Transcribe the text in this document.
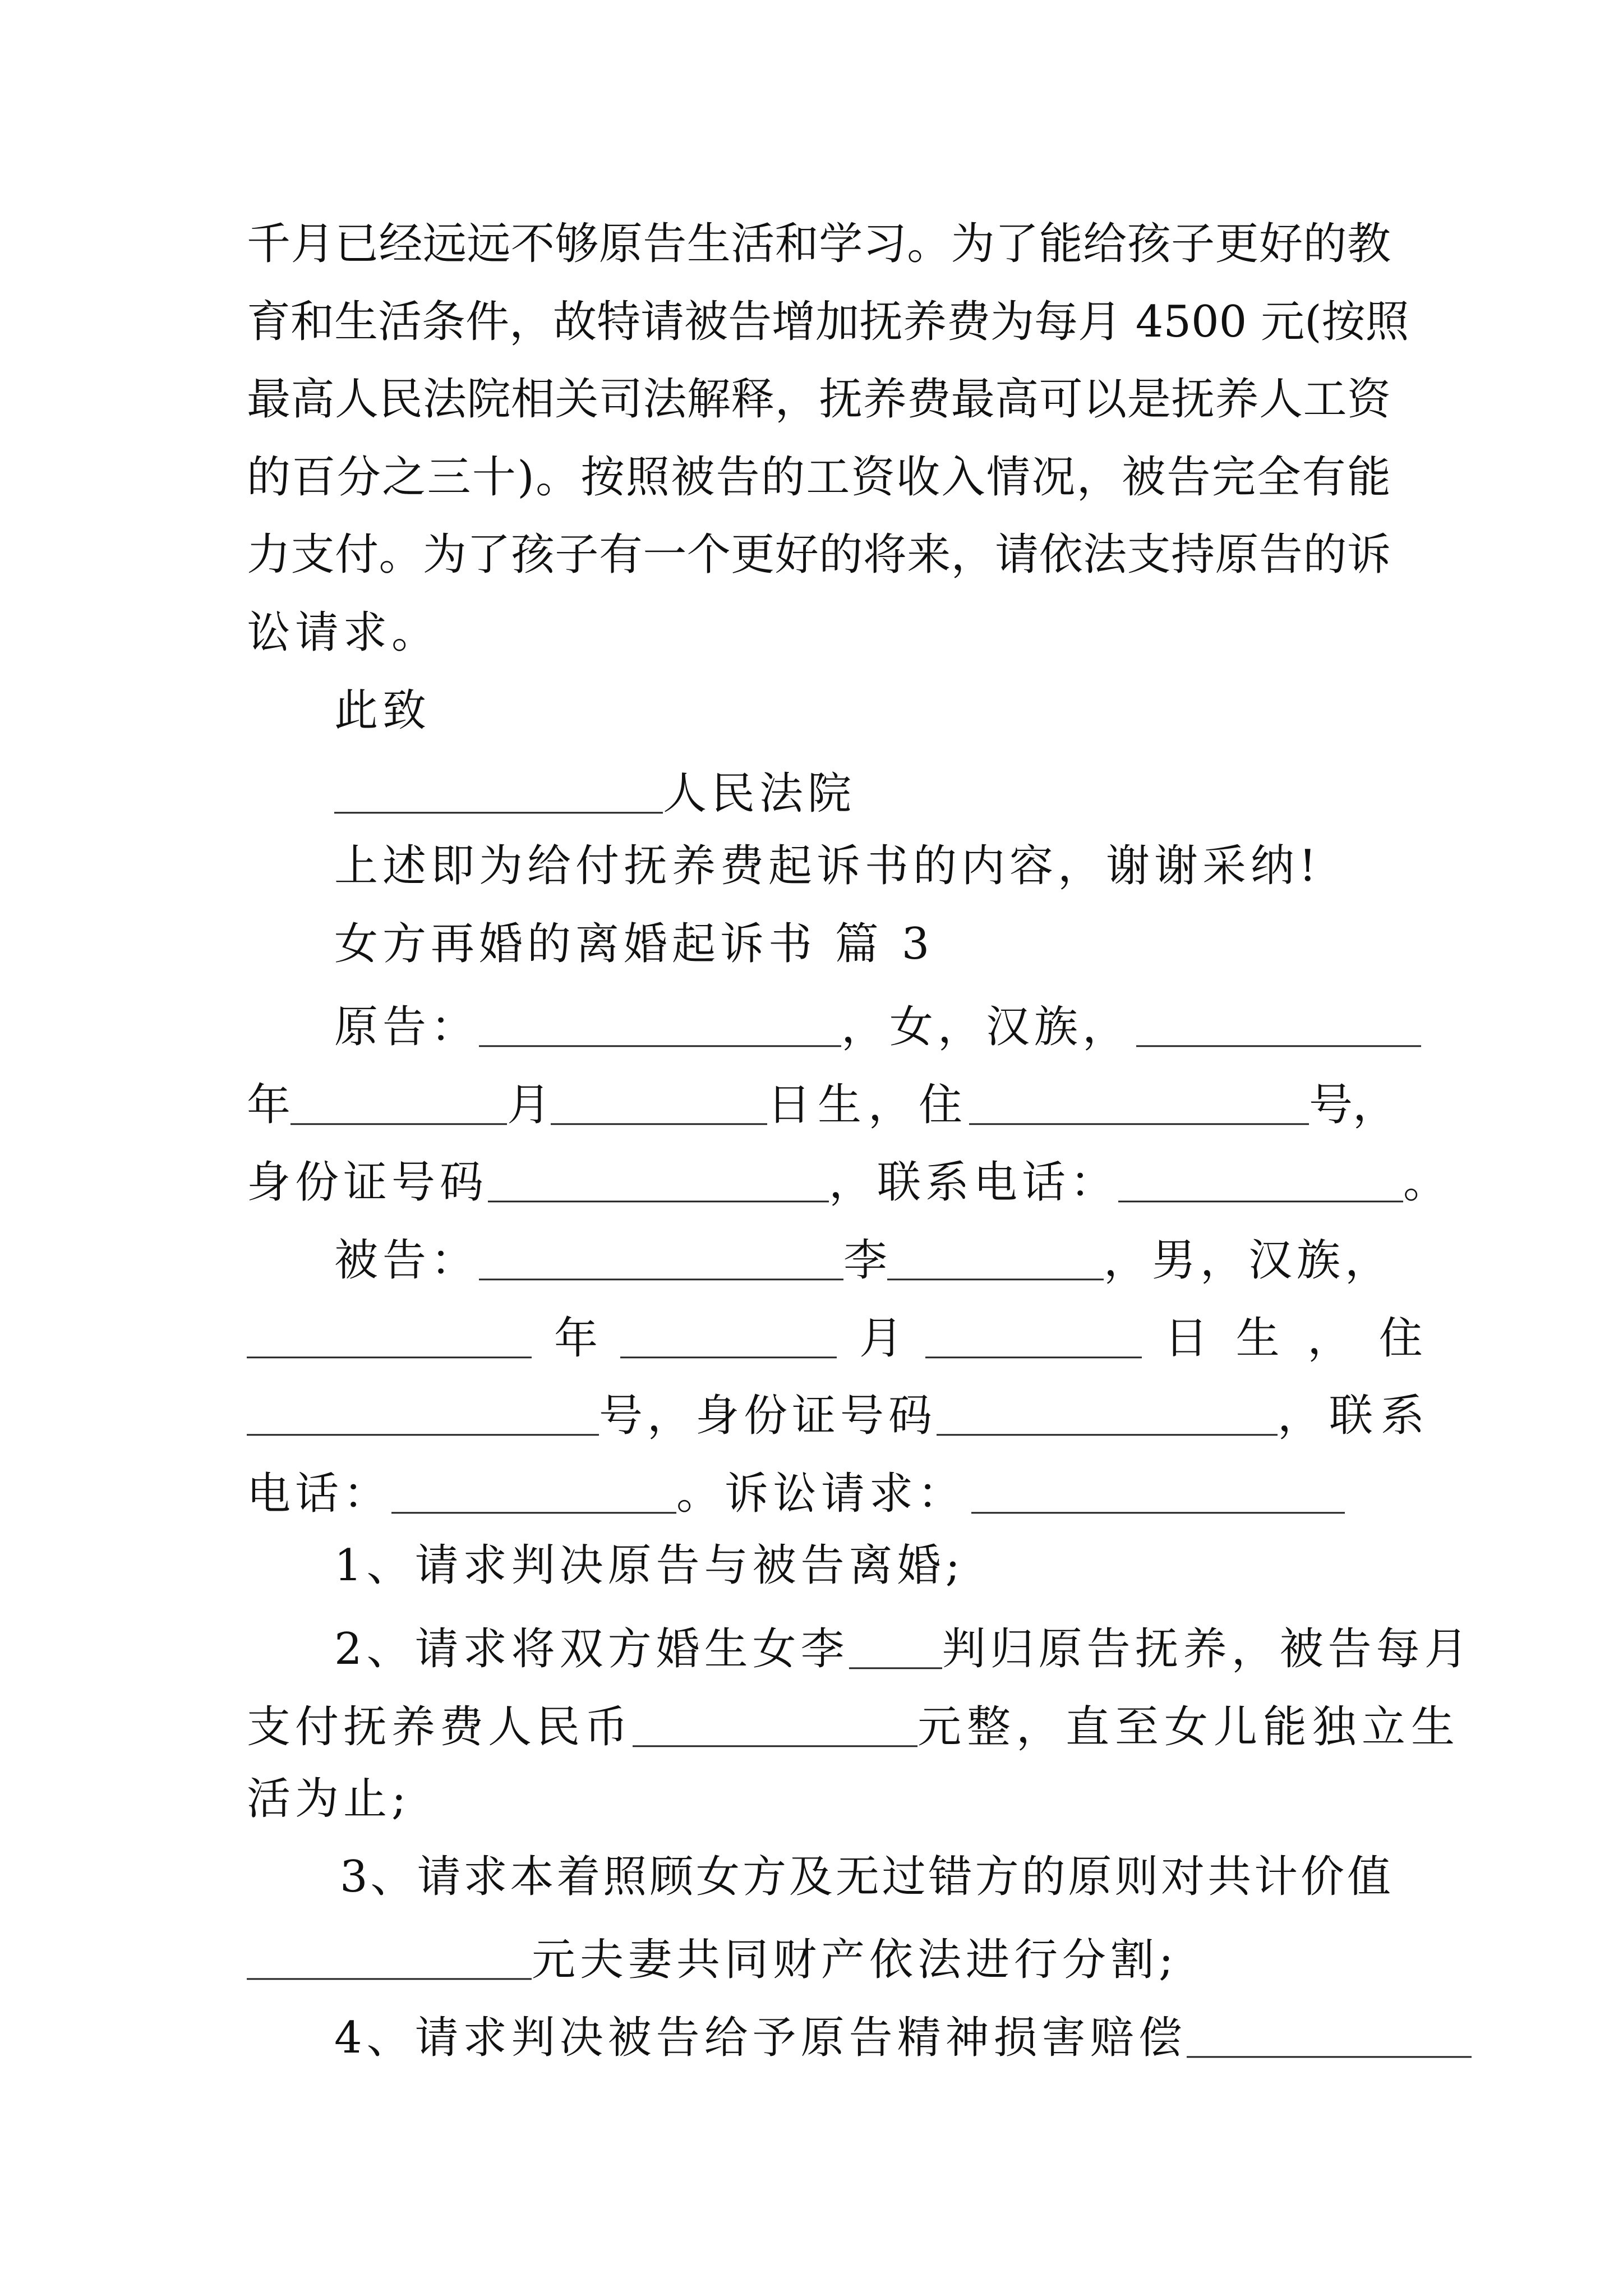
千月已经远远不够原告生活和学习。为了能给孩子更好的教
育和生活条件，故特请被告增加抚养费为每月 4500 元(按照
最高人民法院相关司法解释，抚养费最高可以是抚养人工资
的百分之三十)。按照被告的工资收入情况，被告完全有能
力支付。为了孩子有一个更好的将来，请依法支持原告的诉
讼请求。
此致
人民法院
上述即为给付抚养费起诉书的内容，谢谢采纳!
女方再婚的离婚起诉书 篇 3
原告：	，女，汉族，
年	月	日生，住	号，
身份证号码	，联系电话：	。
被告：	李	，男，汉族，
年	月	日  生  ，  住
号，身份证号码	，联系
电话：	。诉讼请求：
1、请求判决原告与被告离婚;
2、请求将双方婚生女李 判归原告抚养，被告每月
支付抚养费人民币	元整，直至女儿能独立生
活为止;
3、请求本着照顾女方及无过错方的原则对共计价值
元夫妻共同财产依法进行分割;
4、请求判决被告给予原告精神损害赔偿
